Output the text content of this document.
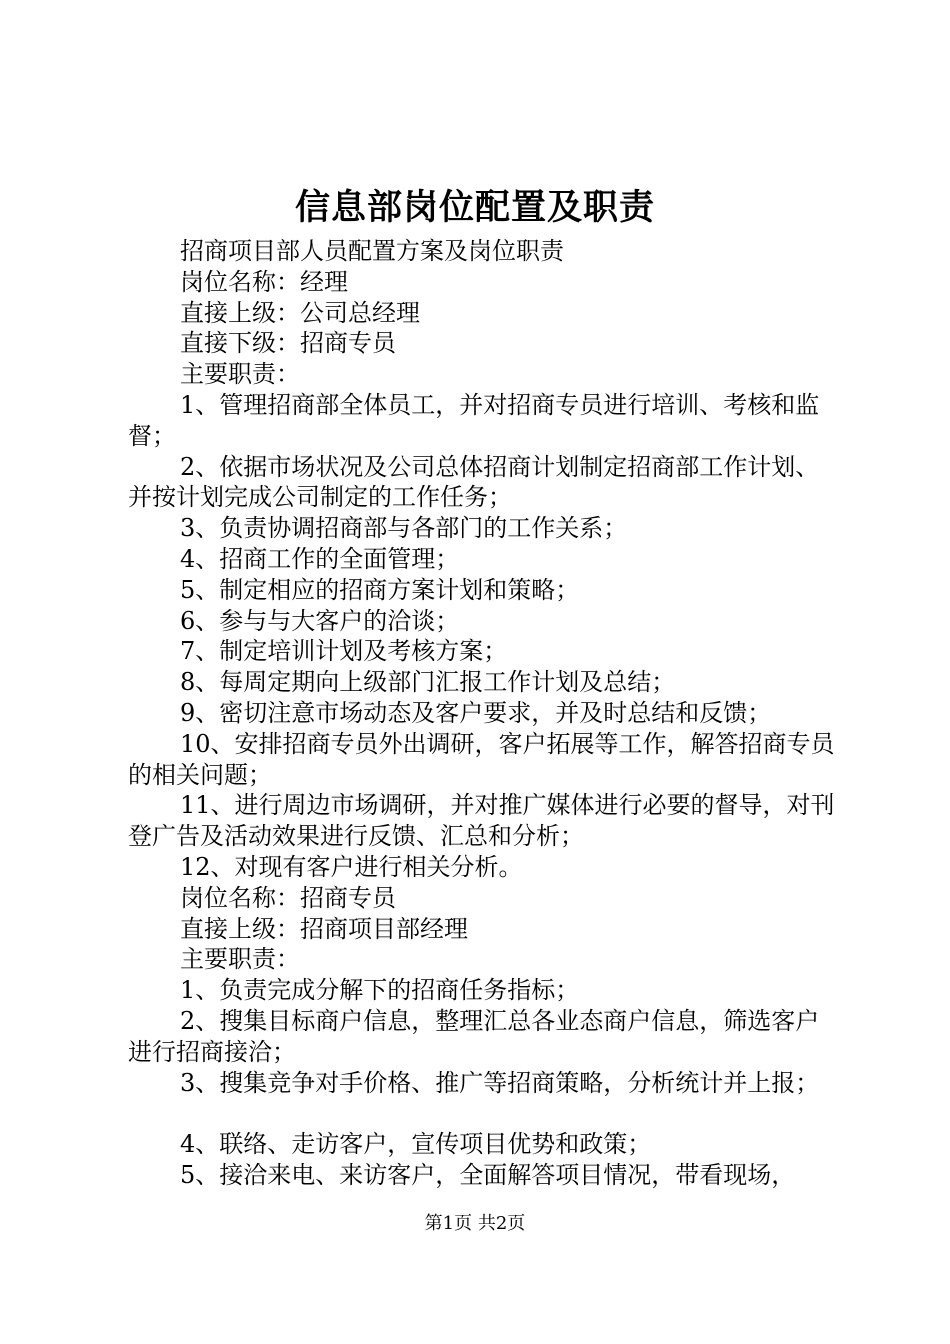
信息部岗位配置及职责

招商项目部人员配置方案及岗位职责

岗位名称：经理

直接上级：公司总经理

直接下级：招商专员

主要职责：

1、管理招商部全体员工，并对招商专员进行培训、考核和监督；

2、依据市场状况及公司总体招商计划制定招商部工作计划、并按计划完成公司制定的工作任务；

3、负责协调招商部与各部门的工作关系；

4、招商工作的全面管理；

5、制定相应的招商方案计划和策略；

6、参与与大客户的洽谈；

7、制定培训计划及考核方案；

8、每周定期向上级部门汇报工作计划及总结；

9、密切注意市场动态及客户要求，并及时总结和反馈；

10、安排招商专员外出调研，客户拓展等工作，解答招商专员的相关问题；

11、进行周边市场调研，并对推广媒体进行必要的督导，对刊登广告及活动效果进行反馈、汇总和分析；

12、对现有客户进行相关分析。

岗位名称：招商专员

直接上级：招商项目部经理

主要职责：

1、负责完成分解下的招商任务指标；

2、搜集目标商户信息，整理汇总各业态商户信息，筛选客户进行招商接洽；

3、搜集竞争对手价格、推广等招商策略，分析统计并上报；

4、联络、走访客户，宣传项目优势和政策；

5、接洽来电、来访客户，全面解答项目情况，带看现场，

第1页 共2页
